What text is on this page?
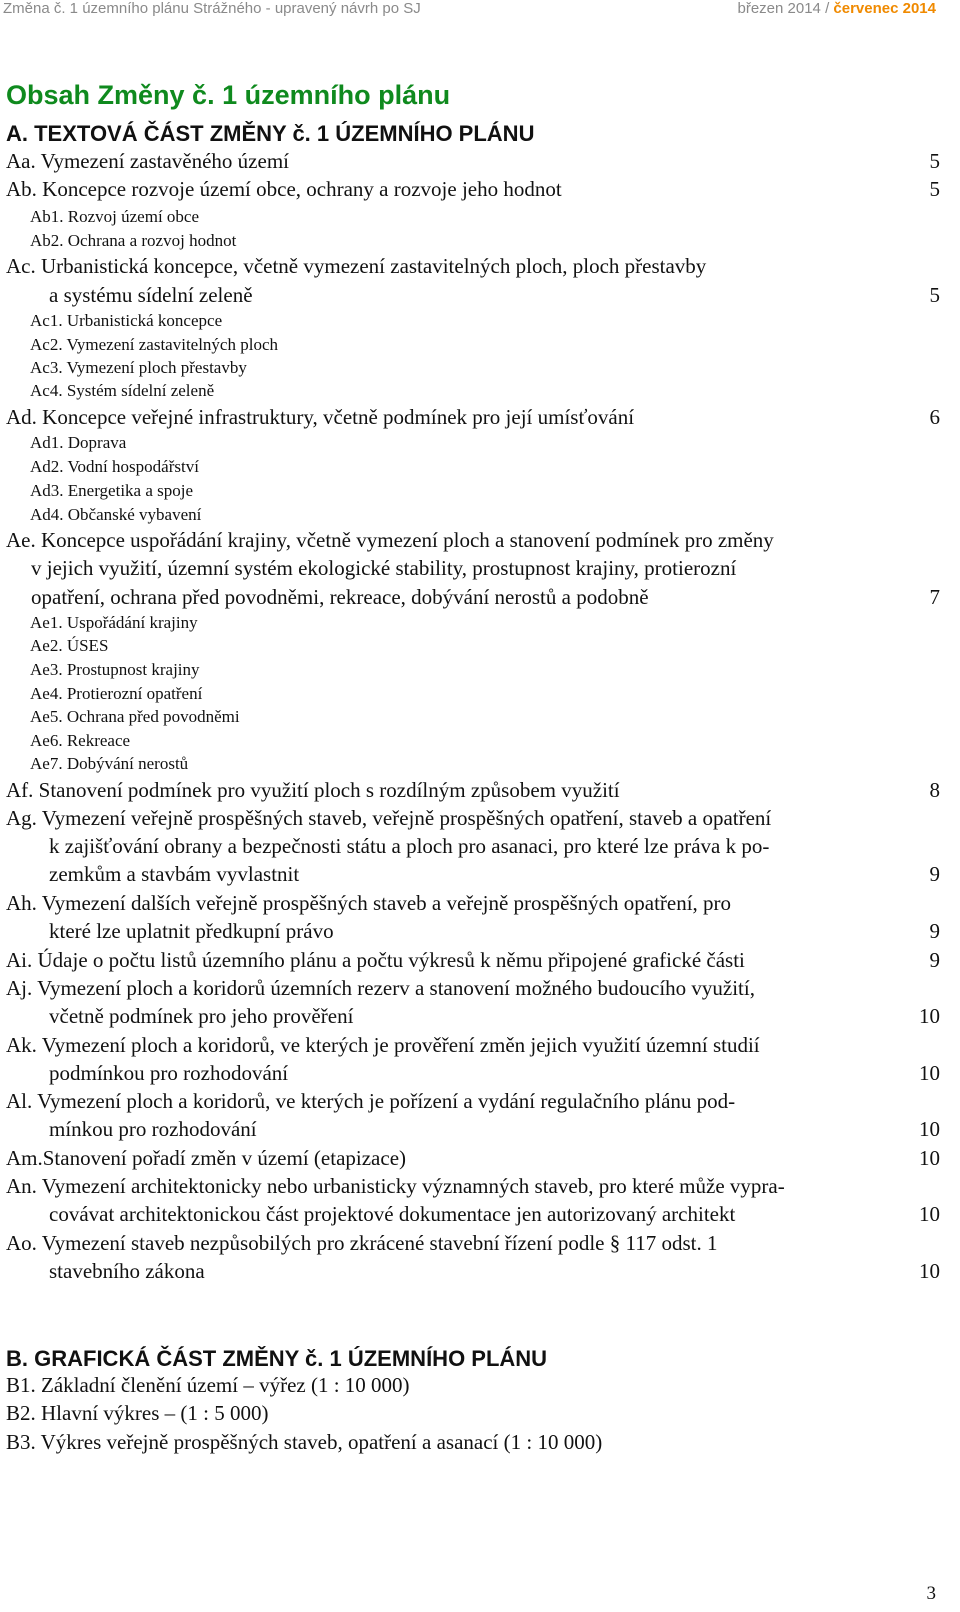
Změna č. 1 územního plánu Strážného - upravený návrh po SJ	březen 2014 / červenec 2014
Obsah Změny č. 1 územního plánu
A. TEXTOVÁ ČÁST ZMĚNY č. 1 ÚZEMNÍHO PLÁNU
Aa. Vymezení zastavěného území	5
Ab. Koncepce rozvoje území obce, ochrany a rozvoje jeho hodnot	5
Ab1. Rozvoj území obce
Ab2. Ochrana a rozvoj hodnot
Ac. Urbanistická koncepce, včetně vymezení zastavitelných ploch, ploch přestavby
a systému sídelní zeleně	5
Ac1. Urbanistická koncepce
Ac2. Vymezení zastavitelných ploch
Ac3. Vymezení ploch přestavby
Ac4. Systém sídelní zeleně
Ad. Koncepce veřejné infrastruktury, včetně podmínek pro její umísťování	6
Ad1. Doprava
Ad2. Vodní hospodářství
Ad3. Energetika a spoje
Ad4. Občanské vybavení
Ae. Koncepce uspořádání krajiny, včetně vymezení ploch a stanovení podmínek pro změny
v jejich využití, územní systém ekologické stability, prostupnost krajiny, protierozní
opatření, ochrana před povodněmi, rekreace, dobývání nerostů a podobně	7
Ae1. Uspořádání krajiny
Ae2. ÚSES
Ae3. Prostupnost krajiny
Ae4. Protierozní opatření
Ae5. Ochrana před povodněmi
Ae6. Rekreace
Ae7. Dobývání nerostů
Af. Stanovení podmínek pro využití ploch s rozdílným způsobem využití	8
Ag. Vymezení veřejně prospěšných staveb, veřejně prospěšných opatření, staveb a opatření
k zajišťování obrany a bezpečnosti státu a ploch pro asanaci, pro které lze práva k po-
zemkům a stavbám vyvlastnit	9
Ah. Vymezení dalších veřejně prospěšných staveb a veřejně prospěšných opatření, pro
které lze uplatnit předkupní právo	9
Ai. Údaje o počtu listů územního plánu a počtu výkresů k němu připojené grafické části	9
Aj. Vymezení ploch a koridorů územních rezerv a stanovení možného budoucího využití,
včetně podmínek pro jeho prověření	10
Ak. Vymezení ploch a koridorů, ve kterých je prověření změn jejich využití územní studií
podmínkou pro rozhodování	10
Al. Vymezení ploch a koridorů, ve kterých je pořízení a vydání regulačního plánu pod-
mínkou pro rozhodování	10
Am.Stanovení pořadí změn v území (etapizace)	10
An. Vymezení architektonicky nebo urbanisticky významných staveb, pro které může vypra-
covávat architektonickou část projektové dokumentace jen autorizovaný architekt	10
Ao. Vymezení staveb nezpůsobilých pro zkrácené stavební řízení podle § 117 odst. 1
stavebního zákona	10
B. GRAFICKÁ ČÁST ZMĚNY č. 1 ÚZEMNÍHO PLÁNU
B1. Základní členění území – výřez (1 : 10 000)
B2. Hlavní výkres – (1 : 5 000)
B3. Výkres veřejně prospěšných staveb, opatření a asanací (1 : 10 000)
3
